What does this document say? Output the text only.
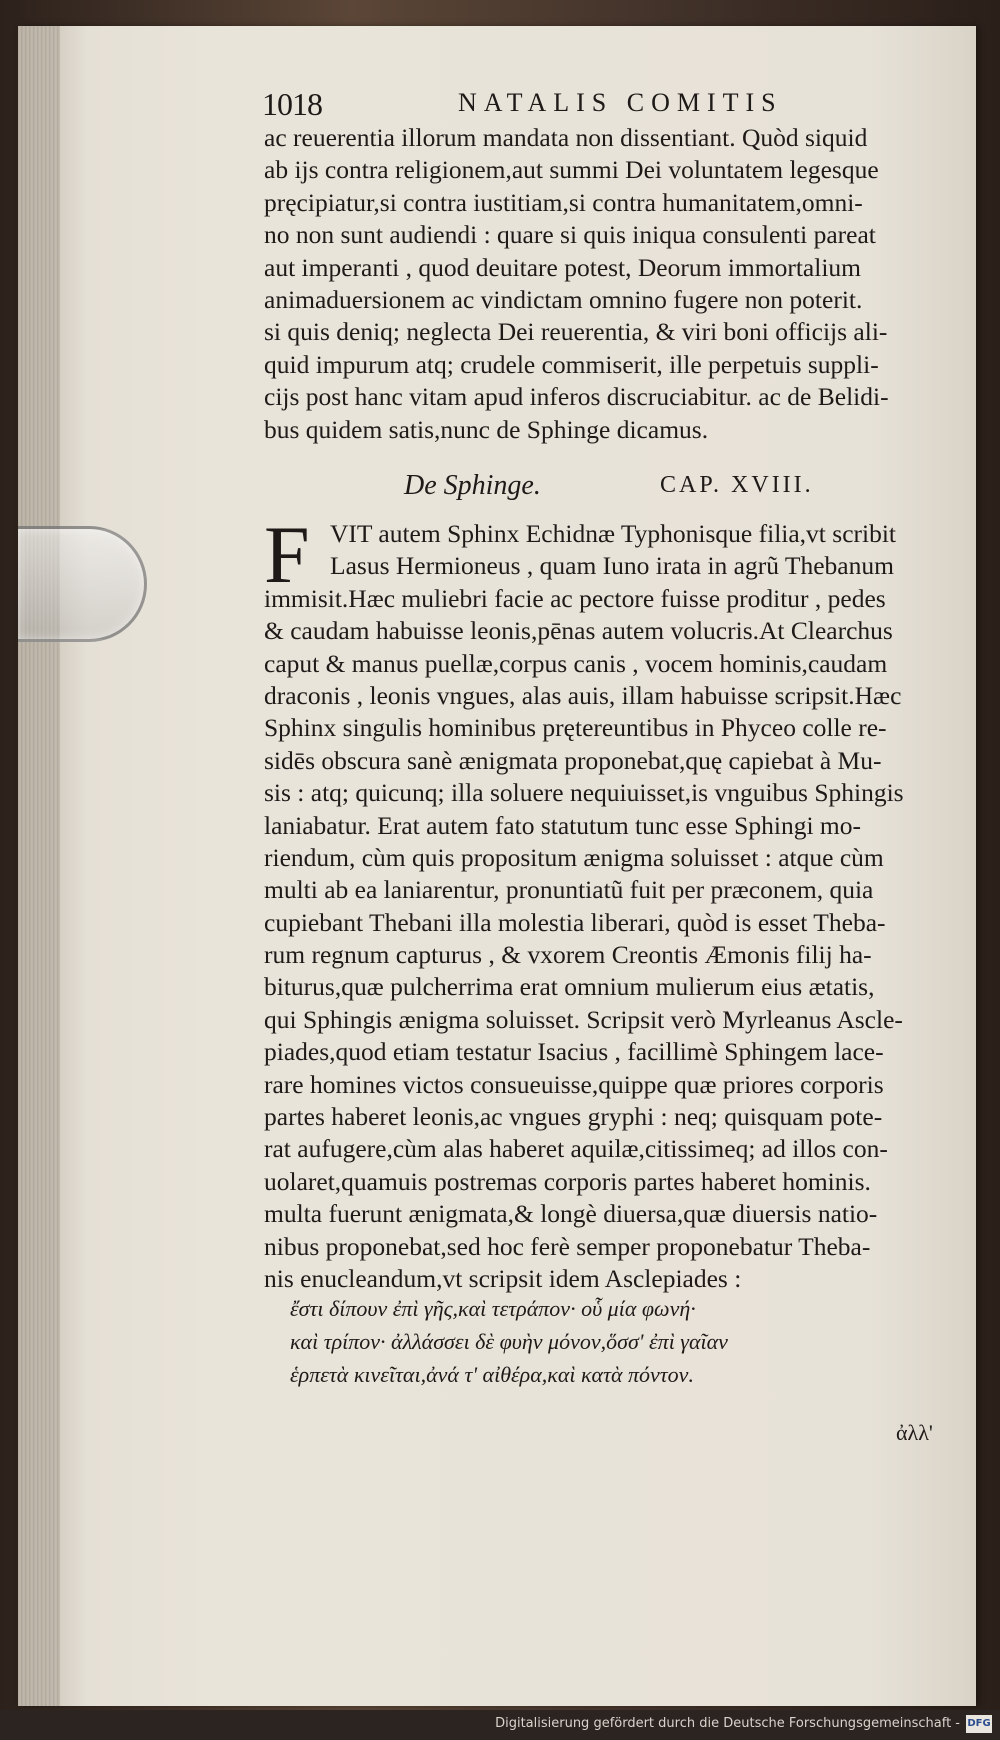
1018	NATALIS COMITIS
ac reuerentia illorum mandata non dissentiant. Quòd siquid
ab ijs contra religionem,aut summi Dei voluntatem legesque
pręcipiatur,si contra iustitiam,si contra humanitatem,omni-
no non sunt audiendi : quare si quis iniqua consulenti pareat
aut imperanti , quod deuitare potest, Deorum immortalium
animaduersionem ac vindictam omnino fugere non poterit.
si quis deniq; neglecta Dei reuerentia, & viri boni officijs ali-
quid impurum atq; crudele commiserit, ille perpetuis suppli-
cijs post hanc vitam apud inferos discruciabitur. ac de Belidi-
bus quidem satis,nunc de Sphinge dicamus.
De Sphinge.	CAP. XVIII.
F VIT autem Sphinx Echidnæ Typhonisque filia,vt scribit
Lasus Hermioneus , quam Iuno irata in agrũ Thebanum
immisit.Hæc muliebri facie ac pectore fuisse proditur , pedes
& caudam habuisse leonis,pēnas autem volucris.At Clearchus
caput & manus puellæ,corpus canis , vocem hominis,caudam
draconis , leonis vngues, alas auis, illam habuisse scripsit.Hæc
Sphinx singulis hominibus prętereuntibus in Phyceo colle re-
sidēs obscura sanè ænigmata proponebat,quę capiebat à Mu-
sis : atq; quicunq; illa soluere nequiuisset,is vnguibus Sphingis
laniabatur. Erat autem fato statutum tunc esse Sphingi mo-
riendum, cùm quis propositum ænigma soluisset : atque cùm
multi ab ea laniarentur, pronuntiatũ fuit per præconem, quia
cupiebant Thebani illa molestia liberari, quòd is esset Theba-
rum regnum capturus , & vxorem Creontis Æmonis filij ha-
biturus,quæ pulcherrima erat omnium mulierum eius ætatis,
qui Sphingis ænigma soluisset. Scripsit verò Myrleanus Ascle-
piades,quod etiam testatur Isacius , facillimè Sphingem lace-
rare homines victos consueuisse,quippe quæ priores corporis
partes haberet leonis,ac vngues gryphi : neq; quisquam pote-
rat aufugere,cùm alas haberet aquilæ,citissimeq; ad illos con-
uolaret,quamuis postremas corporis partes haberet hominis.
multa fuerunt ænigmata,& longè diuersa,quæ diuersis natio-
nibus proponebat,sed hoc ferè semper proponebatur Theba-
nis enucleandum,vt scripsit idem Asclepiades :
ἔστι δίπουν ἐπὶ γῆς,καὶ τετράπον· οὗ μία φωνή·
καὶ τρίπον· ἀλλάσσει δὲ φυὴν μόνον,ὅσσ' ἐπὶ γαῖαν
ἑρπετὰ κινεῖται,ἀνά τ' αἰθέρα,καὶ κατὰ πόντον.
ἀλλ'
Digitalisierung gefördert durch die Deutsche Forschungsgemeinschaft - DFG
